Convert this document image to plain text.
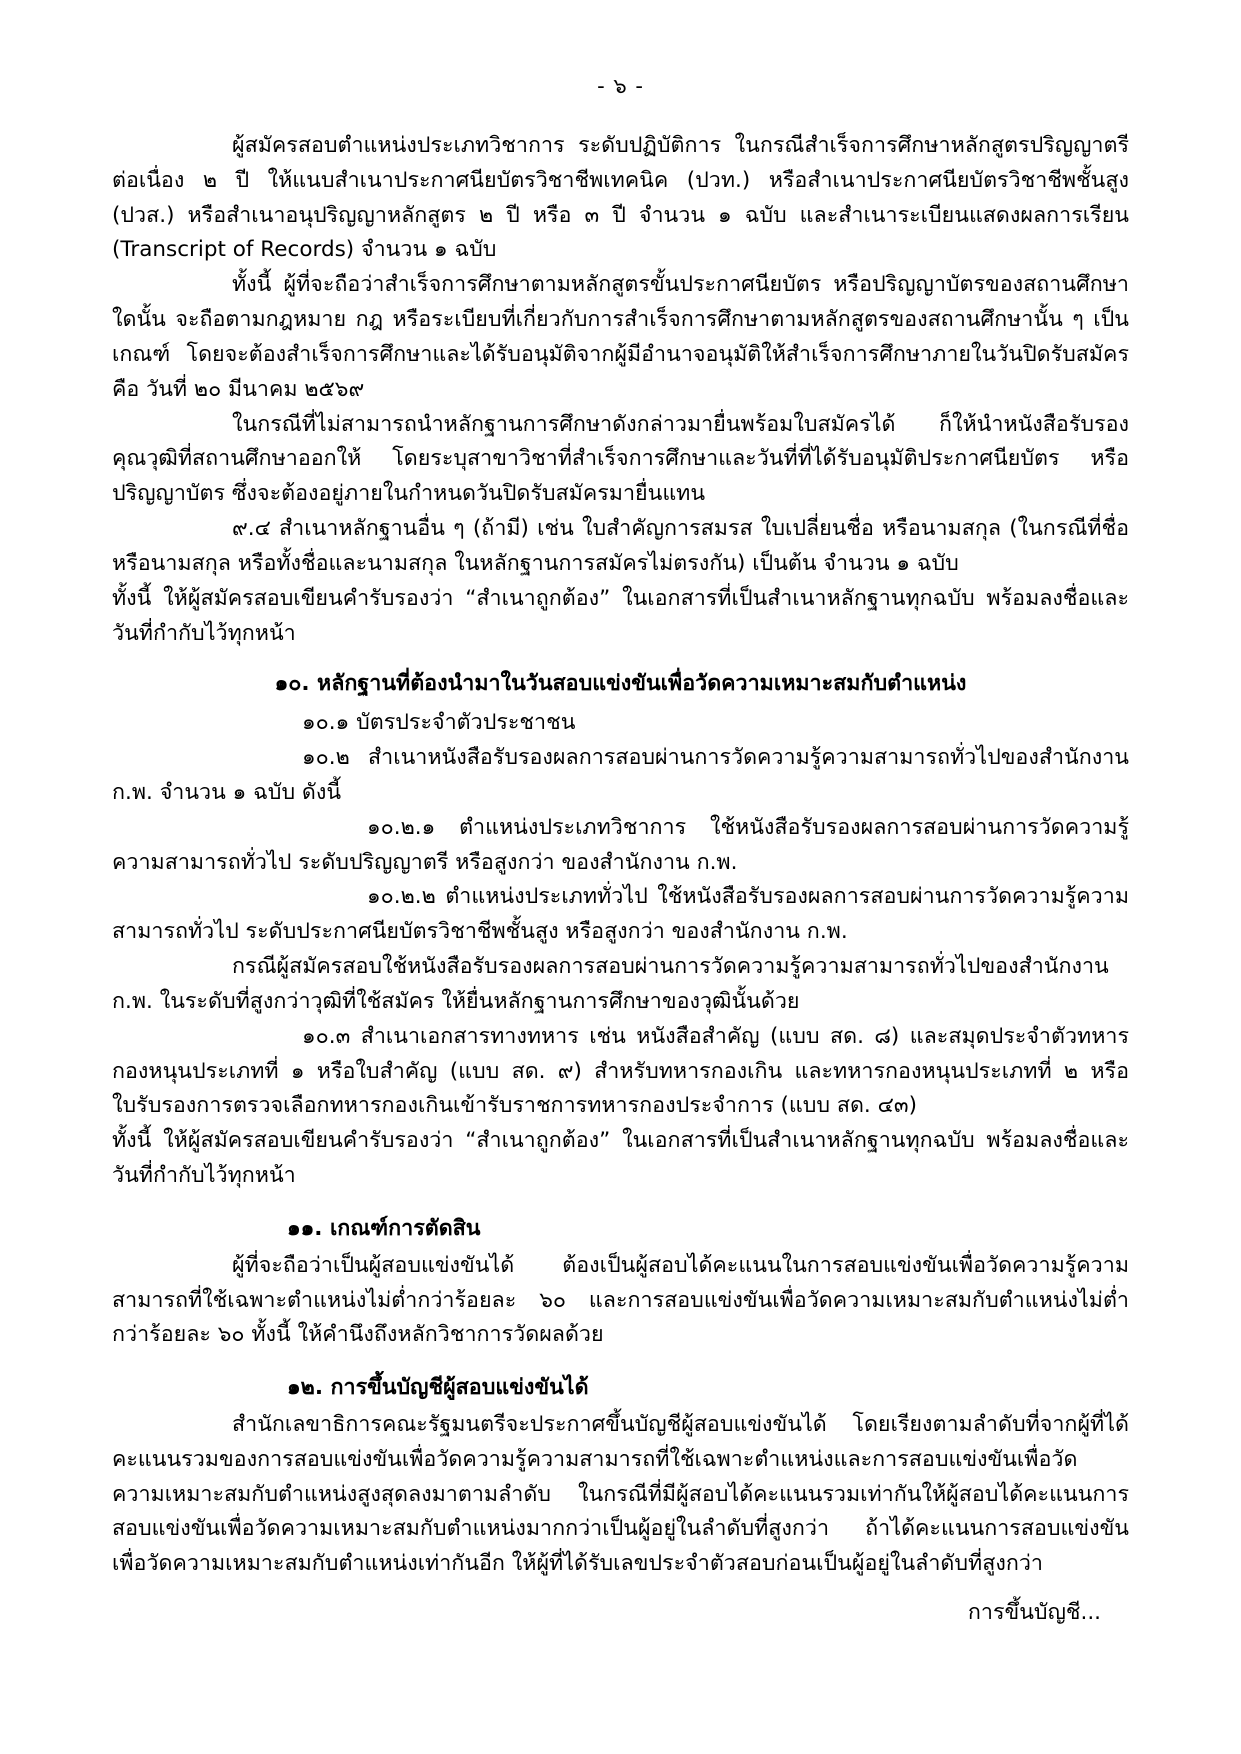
- ๖ -

ผู้สมัครสอบตำแหน่งประเภทวิชาการ ระดับปฏิบัติการ ในกรณีสำเร็จการศึกษาหลักสูตรปริญญาตรีต่อเนื่อง ๒ ปี ให้แนบสำเนาประกาศนียบัตรวิชาชีพเทคนิค (ปวท.) หรือสำเนาประกาศนียบัตรวิชาชีพชั้นสูง (ปวส.) หรือสำเนาอนุปริญญาหลักสูตร ๒ ปี หรือ ๓ ปี จำนวน ๑ ฉบับ และสำเนาระเบียนแสดงผลการเรียน (Transcript of Records) จำนวน ๑ ฉบับ

ทั้งนี้ ผู้ที่จะถือว่าสำเร็จการศึกษาตามหลักสูตรขั้นประกาศนียบัตร หรือปริญญาบัตรของสถานศึกษาใดนั้น จะถือตามกฎหมาย กฎ หรือระเบียบที่เกี่ยวกับการสำเร็จการศึกษาตามหลักสูตรของสถานศึกษานั้น ๆ เป็นเกณฑ์ โดยจะต้องสำเร็จการศึกษาและได้รับอนุมัติจากผู้มีอำนาจอนุมัติให้สำเร็จการศึกษาภายในวันปิดรับสมัคร คือ วันที่ ๒๐ มีนาคม ๒๕๖๙

ในกรณีที่ไม่สามารถนำหลักฐานการศึกษาดังกล่าวมายื่นพร้อมใบสมัครได้ ก็ให้นำหนังสือรับรองคุณวุฒิที่สถานศึกษาออกให้ โดยระบุสาขาวิชาที่สำเร็จการศึกษาและวันที่ที่ได้รับอนุมัติประกาศนียบัตร หรือปริญญาบัตร ซึ่งจะต้องอยู่ภายในกำหนดวันปิดรับสมัครมายื่นแทน

๙.๔ สำเนาหลักฐานอื่น ๆ (ถ้ามี) เช่น ใบสำคัญการสมรส ใบเปลี่ยนชื่อ หรือนามสกุล (ในกรณีที่ชื่อ หรือนามสกุล หรือทั้งชื่อและนามสกุล ในหลักฐานการสมัครไม่ตรงกัน) เป็นต้น จำนวน ๑ ฉบับ

ทั้งนี้ ให้ผู้สมัครสอบเขียนคำรับรองว่า “สำเนาถูกต้อง” ในเอกสารที่เป็นสำเนาหลักฐานทุกฉบับ พร้อมลงชื่อและวันที่กำกับไว้ทุกหน้า

๑๐. หลักฐานที่ต้องนำมาในวันสอบแข่งขันเพื่อวัดความเหมาะสมกับตำแหน่ง

๑๐.๑ บัตรประจำตัวประชาชน

๑๐.๒ สำเนาหนังสือรับรองผลการสอบผ่านการวัดความรู้ความสามารถทั่วไปของสำนักงาน ก.พ. จำนวน ๑ ฉบับ ดังนี้

๑๐.๒.๑ ตำแหน่งประเภทวิชาการ ใช้หนังสือรับรองผลการสอบผ่านการวัดความรู้ความสามารถทั่วไป ระดับปริญญาตรี หรือสูงกว่า ของสำนักงาน ก.พ.

๑๐.๒.๒ ตำแหน่งประเภททั่วไป ใช้หนังสือรับรองผลการสอบผ่านการวัดความรู้ความสามารถทั่วไป ระดับประกาศนียบัตรวิชาชีพชั้นสูง หรือสูงกว่า ของสำนักงาน ก.พ.

กรณีผู้สมัครสอบใช้หนังสือรับรองผลการสอบผ่านการวัดความรู้ความสามารถทั่วไปของสำนักงาน ก.พ. ในระดับที่สูงกว่าวุฒิที่ใช้สมัคร ให้ยื่นหลักฐานการศึกษาของวุฒินั้นด้วย

๑๐.๓ สำเนาเอกสารทางทหาร เช่น หนังสือสำคัญ (แบบ สด. ๘) และสมุดประจำตัวทหารกองหนุนประเภทที่ ๑ หรือใบสำคัญ (แบบ สด. ๙) สำหรับทหารกองเกิน และทหารกองหนุนประเภทที่ ๒ หรือใบรับรองการตรวจเลือกทหารกองเกินเข้ารับราชการทหารกองประจำการ (แบบ สด. ๔๓)

ทั้งนี้ ให้ผู้สมัครสอบเขียนคำรับรองว่า “สำเนาถูกต้อง” ในเอกสารที่เป็นสำเนาหลักฐานทุกฉบับ พร้อมลงชื่อและวันที่กำกับไว้ทุกหน้า

๑๑. เกณฑ์การตัดสิน

ผู้ที่จะถือว่าเป็นผู้สอบแข่งขันได้ ต้องเป็นผู้สอบได้คะแนนในการสอบแข่งขันเพื่อวัดความรู้ความสามารถที่ใช้เฉพาะตำแหน่งไม่ต่ำกว่าร้อยละ ๖๐ และการสอบแข่งขันเพื่อวัดความเหมาะสมกับตำแหน่งไม่ต่ำกว่าร้อยละ ๖๐ ทั้งนี้ ให้คำนึงถึงหลักวิชาการวัดผลด้วย

๑๒. การขึ้นบัญชีผู้สอบแข่งขันได้

สำนักเลขาธิการคณะรัฐมนตรีจะประกาศขึ้นบัญชีผู้สอบแข่งขันได้ โดยเรียงตามลำดับที่จากผู้ที่ได้คะแนนรวมของการสอบแข่งขันเพื่อวัดความรู้ความสามารถที่ใช้เฉพาะตำแหน่งและการสอบแข่งขันเพื่อวัดความเหมาะสมกับตำแหน่งสูงสุดลงมาตามลำดับ ในกรณีที่มีผู้สอบได้คะแนนรวมเท่ากันให้ผู้สอบได้คะแนนการสอบแข่งขันเพื่อวัดความเหมาะสมกับตำแหน่งมากกว่าเป็นผู้อยู่ในลำดับที่สูงกว่า ถ้าได้คะแนนการสอบแข่งขันเพื่อวัดความเหมาะสมกับตำแหน่งเท่ากันอีก ให้ผู้ที่ได้รับเลขประจำตัวสอบก่อนเป็นผู้อยู่ในลำดับที่สูงกว่า

การขึ้นบัญชี...
